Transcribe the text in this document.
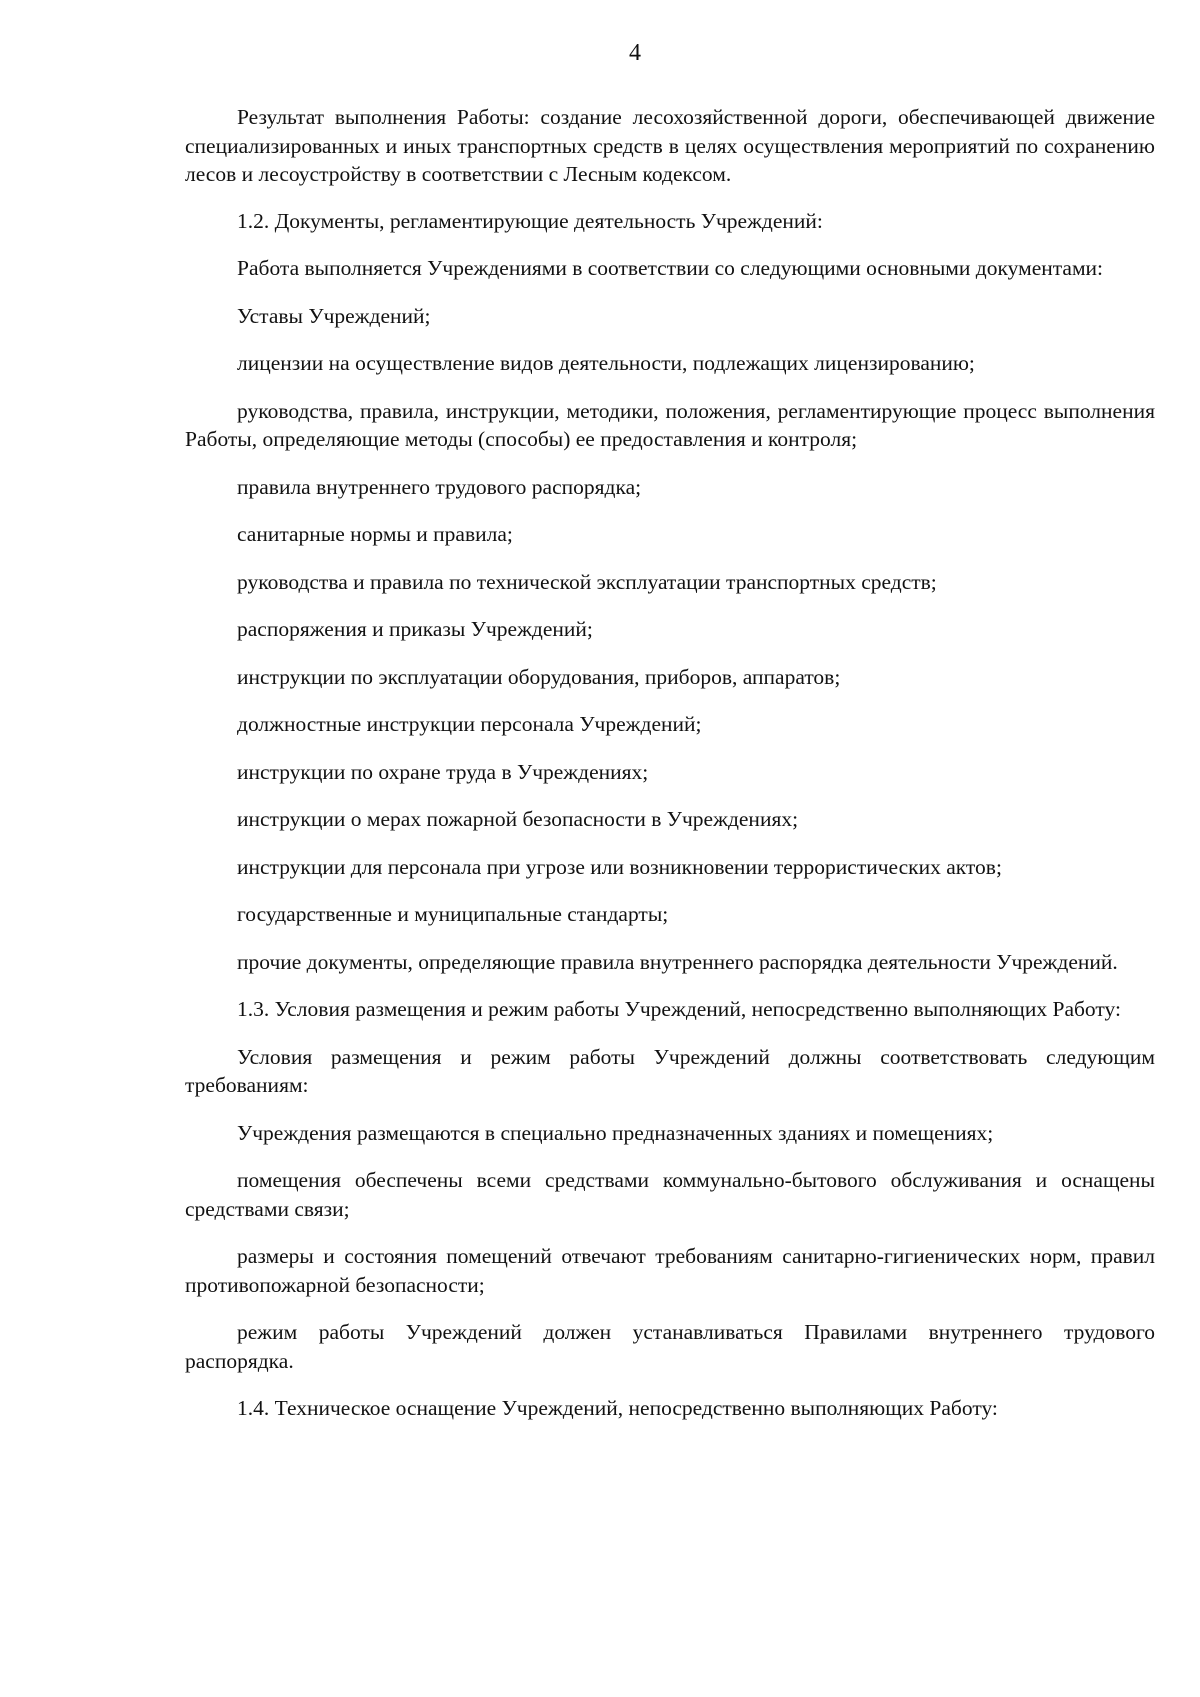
4

Результат выполнения Работы: создание лесохозяйственной дороги, обеспечивающей движение специализированных и иных транспортных средств в целях осуществления мероприятий по сохранению лесов и лесоустройству в соответствии с Лесным кодексом.

1.2. Документы, регламентирующие деятельность Учреждений:

Работа выполняется Учреждениями в соответствии со следующими основными документами:

Уставы Учреждений;

лицензии на осуществление видов деятельности, подлежащих лицензированию;

руководства, правила, инструкции, методики, положения, регламентирующие процесс выполнения Работы, определяющие методы (способы) ее предоставления и контроля;

правила внутреннего трудового распорядка;

санитарные нормы и правила;

руководства и правила по технической эксплуатации транспортных средств;

распоряжения и приказы Учреждений;

инструкции по эксплуатации оборудования, приборов, аппаратов;

должностные инструкции персонала Учреждений;

инструкции по охране труда в Учреждениях;

инструкции о мерах пожарной безопасности в Учреждениях;

инструкции для персонала при угрозе или возникновении террористических актов;

государственные и муниципальные стандарты;

прочие документы, определяющие правила внутреннего распорядка деятельности Учреждений.

1.3. Условия размещения и режим работы Учреждений, непосредственно выполняющих Работу:

Условия размещения и режим работы Учреждений должны соответствовать следующим требованиям:

Учреждения размещаются в специально предназначенных зданиях и помещениях;

помещения обеспечены всеми средствами коммунально-бытового обслуживания и оснащены средствами связи;

размеры и состояния помещений отвечают требованиям санитарно-гигиенических норм, правил противопожарной безопасности;

режим работы Учреждений должен устанавливаться Правилами внутреннего трудового распорядка.

1.4. Техническое оснащение Учреждений, непосредственно выполняющих Работу:
